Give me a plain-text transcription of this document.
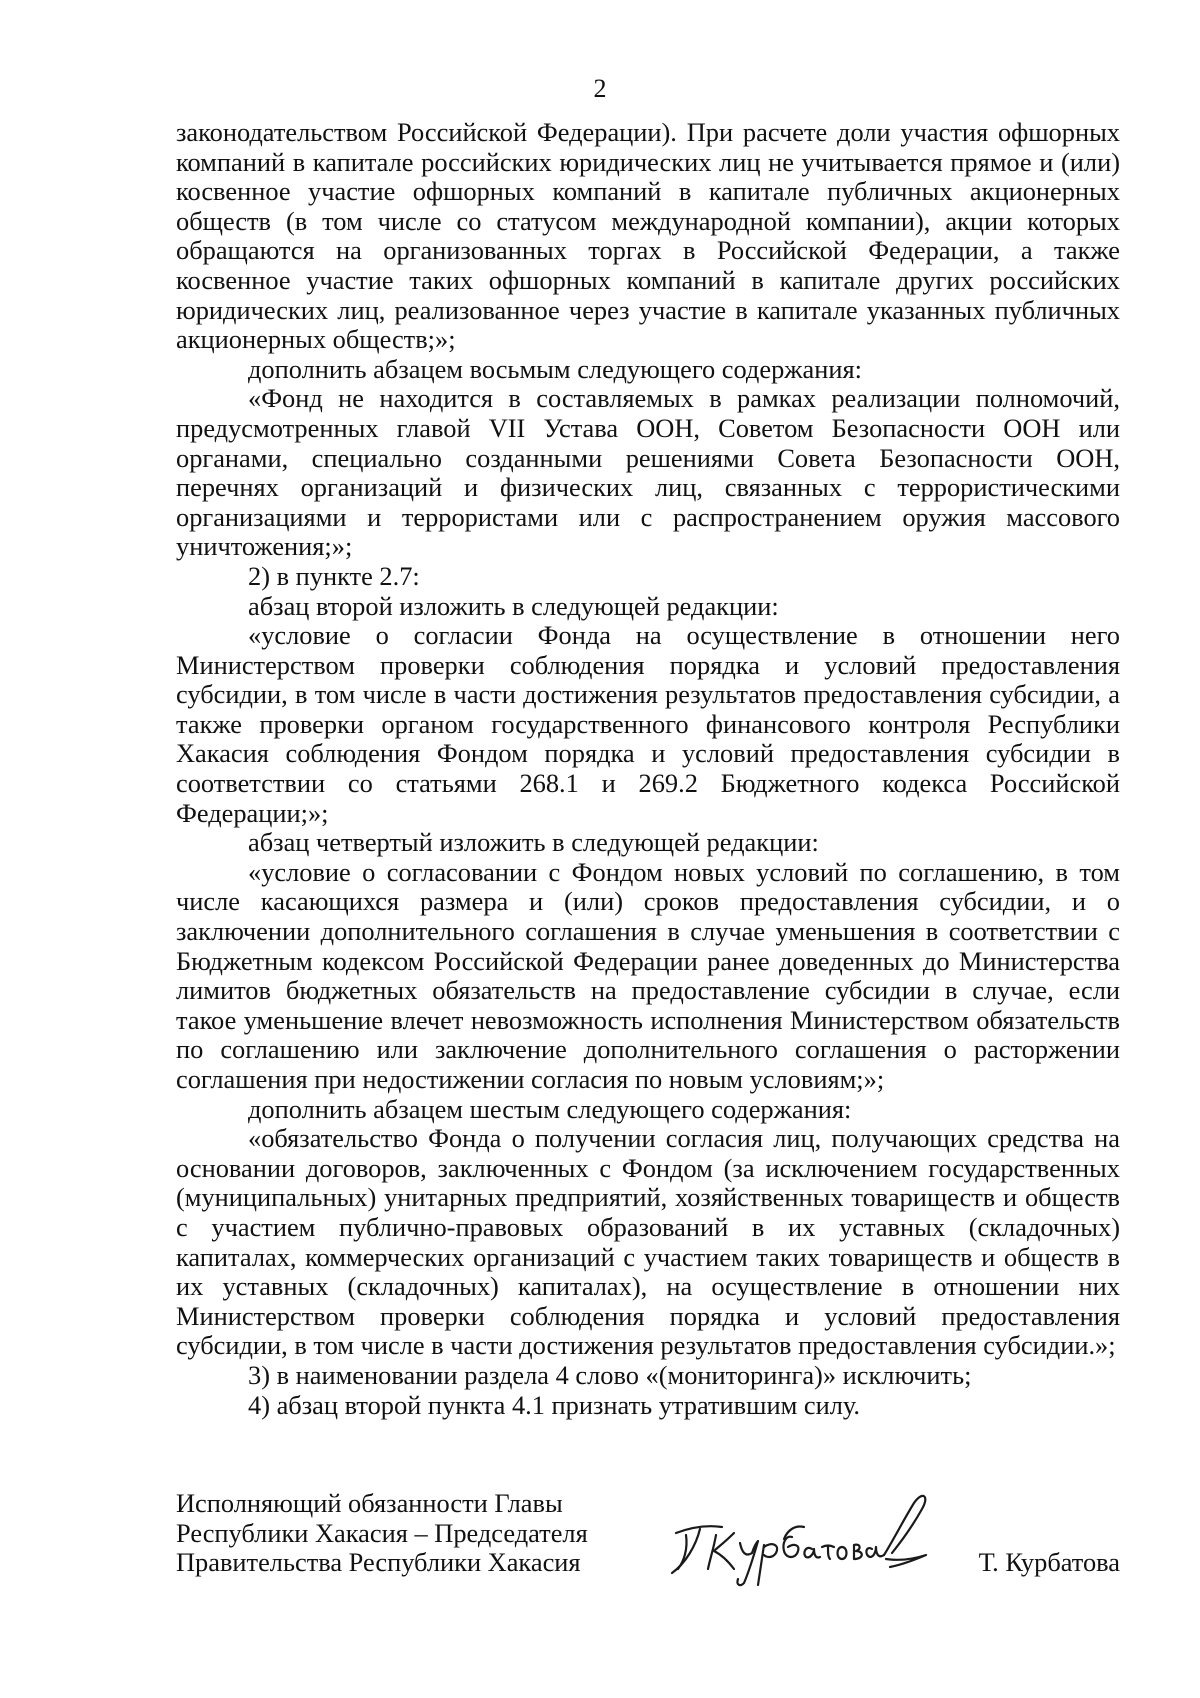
2

законодательством Российской Федерации). При расчете доли участия офшорных компаний в капитале российских юридических лиц не учитывается прямое и (или) косвенное участие офшорных компаний в капитале публичных акционерных обществ (в том числе со статусом международной компании), акции которых обращаются на организованных торгах в Российской Федерации, а также косвенное участие таких офшорных компаний в капитале других российских юридических лиц, реализованное через участие в капитале указанных публичных акционерных обществ;»;

дополнить абзацем восьмым следующего содержания:

«Фонд не находится в составляемых в рамках реализации полномочий, предусмотренных главой VII Устава ООН, Советом Безопасности ООН или органами, специально созданными решениями Совета Безопасности ООН, перечнях организаций и физических лиц, связанных с террористическими организациями и террористами или с распространением оружия массового уничтожения;»;

2) в пункте 2.7:

абзац второй изложить в следующей редакции:

«условие о согласии Фонда на осуществление в отношении него Министерством проверки соблюдения порядка и условий предоставления субсидии, в том числе в части достижения результатов предоставления субсидии, а также проверки органом государственного финансового контроля Республики Хакасия соблюдения Фондом порядка и условий предоставления субсидии в соответствии со статьями 268.1 и 269.2 Бюджетного кодекса Российской Федерации;»;

абзац четвертый изложить в следующей редакции:

«условие о согласовании с Фондом новых условий по соглашению, в том числе касающихся размера и (или) сроков предоставления субсидии, и о заключении дополнительного соглашения в случае уменьшения в соответствии с Бюджетным кодексом Российской Федерации ранее доведенных до Министерства лимитов бюджетных обязательств на предоставление субсидии в случае, если такое уменьшение влечет невозможность исполнения Министерством обязательств по соглашению или заключение дополнительного соглашения о расторжении соглашения при недостижении согласия по новым условиям;»;

дополнить абзацем шестым следующего содержания:

«обязательство Фонда о получении согласия лиц, получающих средства на основании договоров, заключенных с Фондом (за исключением государственных (муниципальных) унитарных предприятий, хозяйственных товариществ и обществ с участием публично-правовых образований в их уставных (складочных) капиталах, коммерческих организаций с участием таких товариществ и обществ в их уставных (складочных) капиталах), на осуществление в отношении них Министерством проверки соблюдения порядка и условий предоставления субсидии, в том числе в части достижения результатов предоставления субсидии.»;

3) в наименовании раздела 4 слово «(мониторинга)» исключить;

4) абзац второй пункта 4.1 признать утратившим силу.

Исполняющий обязанности Главы
Республики Хакасия – Председателя
Правительства Республики Хакасия	Т. Курбатова
